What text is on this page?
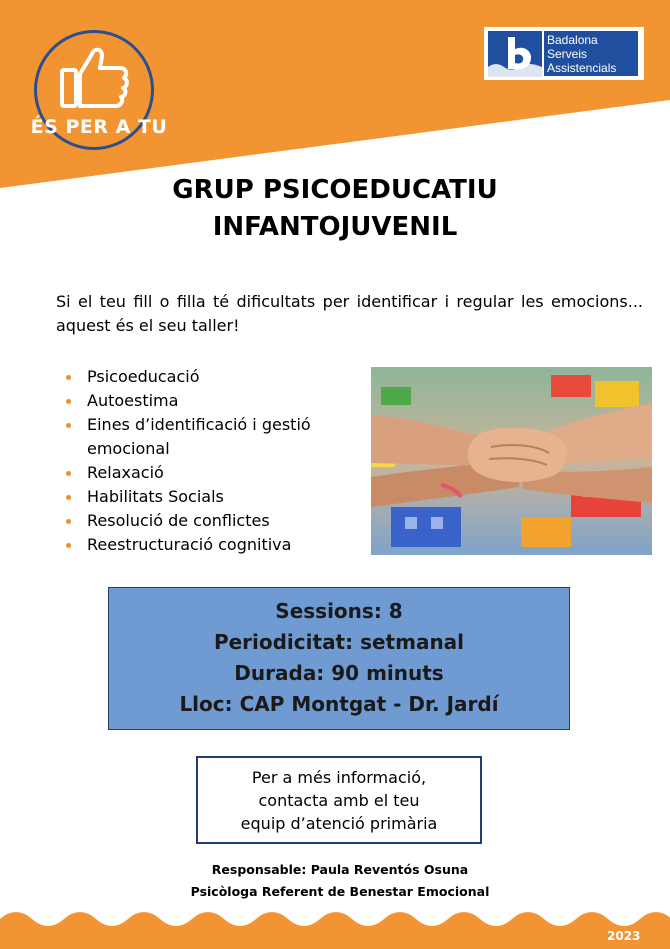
ÉS PER A TU
Badalona
Serveis
Assistencials
GRUP PSICOEDUCATIU
INFANTOJUVENIL
Si el teu fill o filla té dificultats per identificar i regular les emocions... aquest és el seu taller!
Psicoeducació
Autoestima
Eines d’identificació i gestió emocional
Relaxació
Habilitats Socials
Resolució de conflictes
Reestructuració cognitiva
Sessions: 8
Periodicitat: setmanal
Durada: 90 minuts
Lloc: CAP Montgat - Dr. Jardí
Per a més informació,
contacta amb el teu
equip d’atenció primària
Responsable: Paula Reventós Osuna
Psicòloga Referent de Benestar Emocional
2023
